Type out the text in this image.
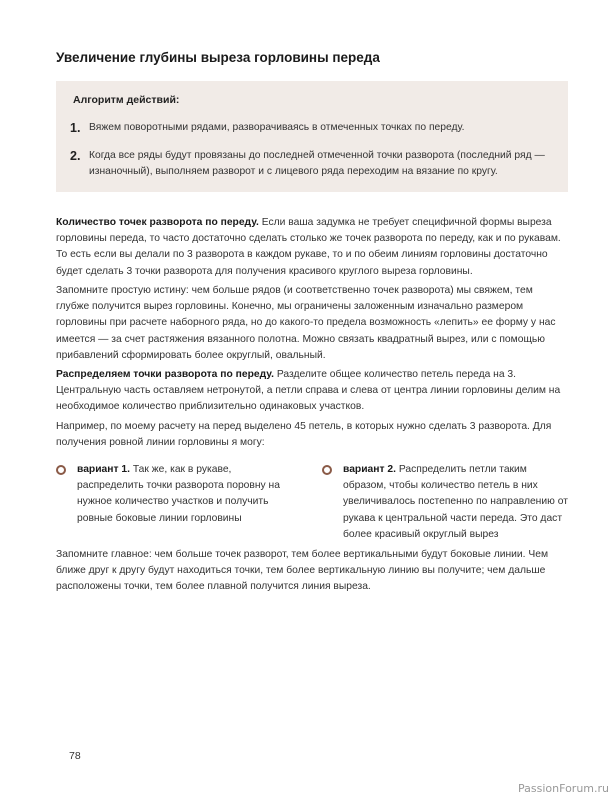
Увеличение глубины выреза горловины переда
Алгоритм действий:
1. Вяжем поворотными рядами, разворачиваясь в отмеченных точках по переду.
2. Когда все ряды будут провязаны до последней отмеченной точки разворота (последний ряд — изнаночный), выполняем разворот и с лицевого ряда переходим на вязание по кругу.
Количество точек разворота по переду. Если ваша задумка не требует специфичной формы выреза горловины переда, то часто достаточно сделать столько же точек разворота по переду, как и по рукавам. То есть если вы делали по 3 разворота в каждом рукаве, то и по обеим линиям горловины достаточно будет сделать 3 точки разворота для получения красивого круглого выреза горловины.
Запомните простую истину: чем больше рядов (и соответственно точек разворота) мы свяжем, тем глубже получится вырез горловины. Конечно, мы ограничены заложенным изначально размером горловины при расчете наборного ряда, но до какого-то предела возможность «лепить» ее форму у нас имеется — за счет растяжения вязанного полотна. Можно связать квадратный вырез, или с помощью прибавлений сформировать более округлый, овальный.
Распределяем точки разворота по переду. Разделите общее количество петель переда на 3. Центральную часть оставляем нетронутой, а петли справа и слева от центра линии горловины делим на необходимое количество приблизительно одинаковых участков.
Например, по моему расчету на перед выделено 45 петель, в которых нужно сделать 3 разворота. Для получения ровной линии горловины я могу:
вариант 1. Так же, как в рукаве, распределить точки разворота поровну на нужное количество участков и получить ровные боковые линии горловины
вариант 2. Распределить петли таким образом, чтобы количество петель в них увеличивалось постепенно по направлению от рукава к центральной части переда. Это даст более красивый округлый вырез
Запомните главное: чем больше точек разворот, тем более вертикальными будут боковые линии. Чем ближе друг к другу будут находиться точки, тем более вертикальную линию вы получите; чем дальше расположены точки, тем более плавной получится линия выреза.
78
PassionForum.ru
